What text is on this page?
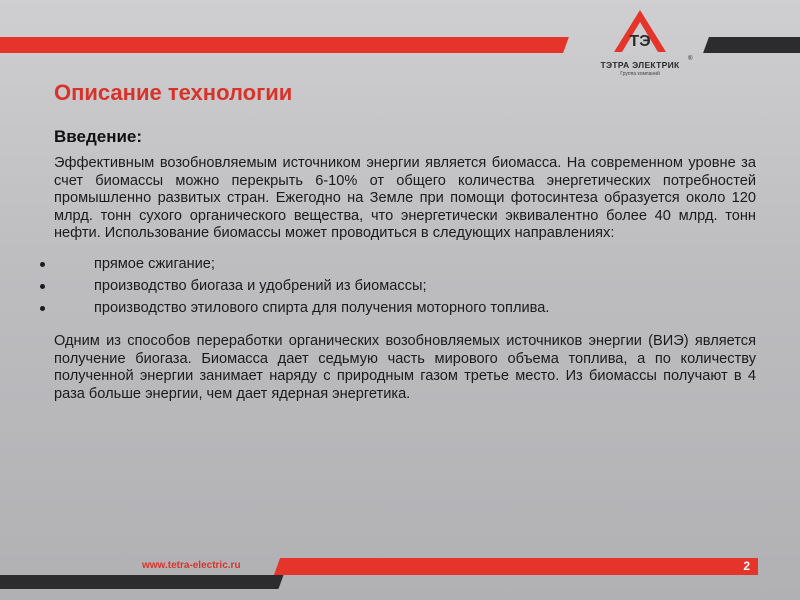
ТЭ
ТЭТРА ЭЛЕКТРИК
®
Группа компаний
Описание технологии
Введение:

Эффективным возобновляемым источником энергии является биомасса. На современном уровне за счет биомассы можно перекрыть 6-10% от общего количества энергетических потребностей промышленно развитых стран. Ежегодно на Земле при помощи фотосинтеза образуется около 120 млрд. тонн сухого органического вещества, что энергетически эквивалентно более 40 млрд. тонн нефти. Использование биомассы может проводиться в следующих направлениях:

прямое сжигание;
производство биогаза и удобрений из биомассы;
производство этилового спирта для получения моторного топлива.

Одним из способов переработки органических возобновляемых источников энергии (ВИЭ) является получение биогаза. Биомасса дает седьмую часть мирового объема топлива, а по количеству полученной энергии занимает наряду с природным газом третье место. Из биомассы получают в 4 раза больше энергии, чем дает ядерная энергетика.

www.tetra-electric.ru	2
